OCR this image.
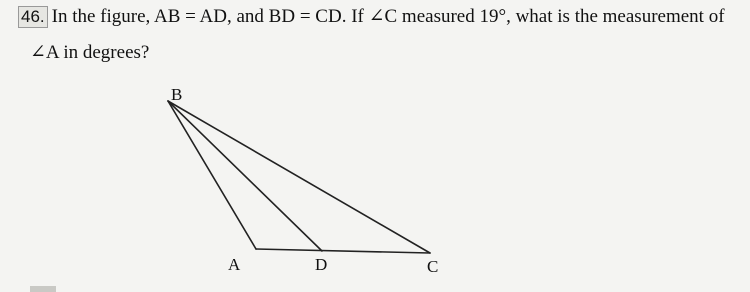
46. In the figure, AB = AD, and BD = CD. If ∠C measured 19°, what is the measurement of
∠A in degrees?
B
A	D	C
